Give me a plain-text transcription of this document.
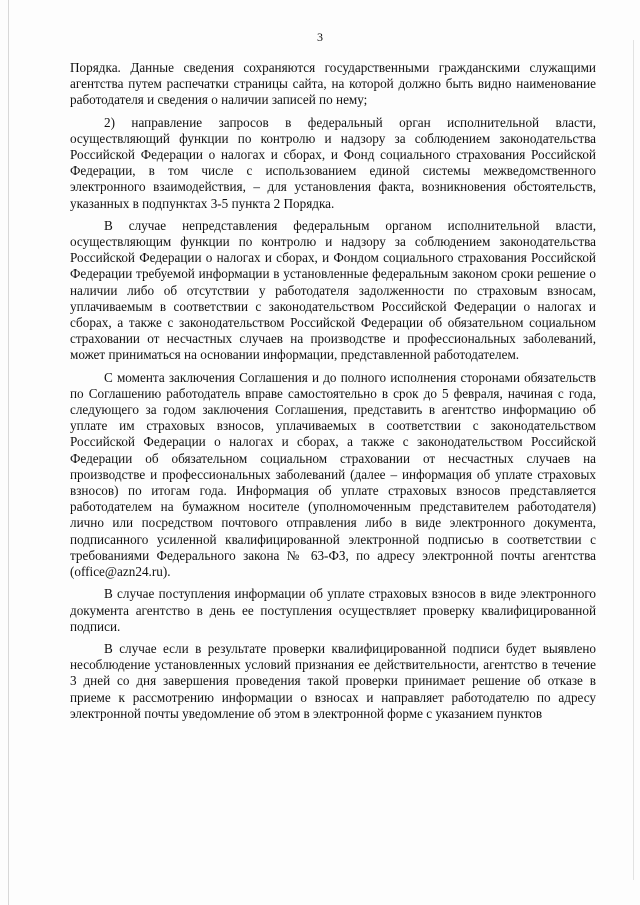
3

Порядка. Данные сведения сохраняются государственными гражданскими служащими агентства путем распечатки страницы сайта, на которой должно быть видно наименование работодателя и сведения о наличии записей по нему;

2) направление запросов в федеральный орган исполнительной власти, осуществляющий функции по контролю и надзору за соблюдением законодательства Российской Федерации о налогах и сборах, и Фонд социального страхования Российской Федерации, в том числе с использованием единой системы межведомственного электронного взаимодействия, – для установления факта, возникновения обстоятельств, указанных в подпунктах 3-5 пункта 2 Порядка.

В случае непредставления федеральным органом исполнительной власти, осуществляющим функции по контролю и надзору за соблюдением законодательства Российской Федерации о налогах и сборах, и Фондом социального страхования Российской Федерации требуемой информации в установленные федеральным законом сроки решение о наличии либо об отсутствии у работодателя задолженности по страховым взносам, уплачиваемым в соответствии с законодательством Российской Федерации о налогах и сборах, а также с законодательством Российской Федерации об обязательном социальном страховании от несчастных случаев на производстве и профессиональных заболеваний, может приниматься на основании информации, представленной работодателем.

С момента заключения Соглашения и до полного исполнения сторонами обязательств по Соглашению работодатель вправе самостоятельно в срок до 5 февраля, начиная с года, следующего за годом заключения Соглашения, представить в агентство информацию об уплате им страховых взносов, уплачиваемых в соответствии с законодательством Российской Федерации о налогах и сборах, а также с законодательством Российской Федерации об обязательном социальном страховании от несчастных случаев на производстве и профессиональных заболеваний (далее – информация об уплате страховых взносов) по итогам года. Информация об уплате страховых взносов представляется работодателем на бумажном носителе (уполномоченным представителем работодателя) лично или посредством почтового отправления либо в виде электронного документа, подписанного усиленной квалифицированной электронной подписью в соответствии с требованиями Федерального закона № 63-ФЗ, по адресу электронной почты агентства (office@azn24.ru).

В случае поступления информации об уплате страховых взносов в виде электронного документа агентство в день ее поступления осуществляет проверку квалифицированной подписи.

В случае если в результате проверки квалифицированной подписи будет выявлено несоблюдение установленных условий признания ее действительности, агентство в течение 3 дней со дня завершения проведения такой проверки принимает решение об отказе в приеме к рассмотрению информации о взносах и направляет работодателю по адресу электронной почты уведомление об этом в электронной форме с указанием пунктов
